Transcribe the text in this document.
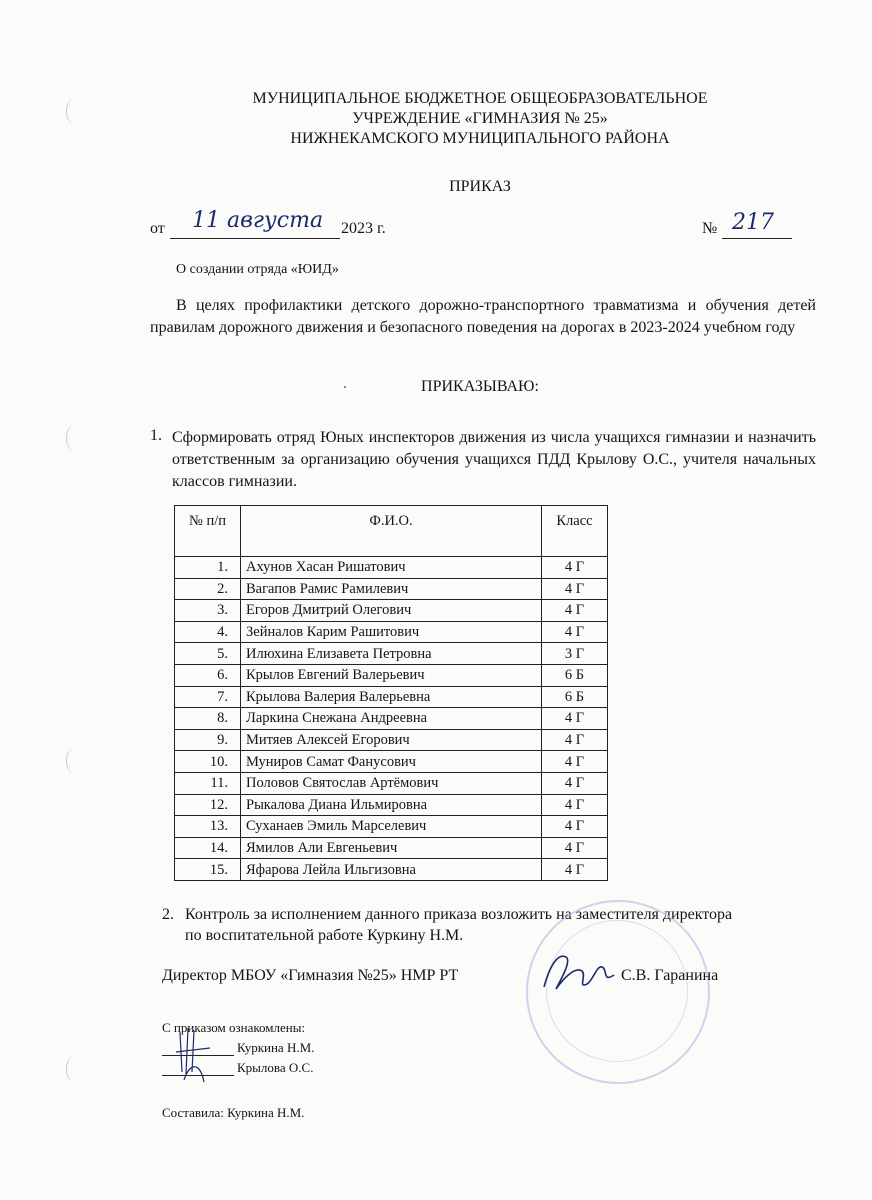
МУНИЦИПАЛЬНОЕ БЮДЖЕТНОЕ ОБЩЕОБРАЗОВАТЕЛЬНОЕ
УЧРЕЖДЕНИЕ «ГИМНАЗИЯ № 25»
НИЖНЕКАМСКОГО МУНИЦИПАЛЬНОГО РАЙОНА
ПРИКАЗ
от 11 августа 2023 г.	№ 217
О создании отряда «ЮИД»
В целях профилактики детского дорожно-транспортного травматизма и обучения детей правилам дорожного движения и безопасного поведения на дорогах в 2023-2024 учебном году
ПРИКАЗЫВАЮ:
1. Сформировать отряд Юных инспекторов движения из числа учащихся гимназии и назначить ответственным за организацию обучения учащихся ПДД Крылову О.С., учителя начальных классов гимназии.
№ п/п	Ф.И.О.	Класс
1.	Ахунов Хасан Ришатович	4 Г
2.	Вагапов Рамис Рамилевич	4 Г
3.	Егоров Дмитрий Олегович	4 Г
4.	Зейналов Карим Рашитович	4 Г
5.	Илюхина Елизавета Петровна	3 Г
6.	Крылов Евгений Валерьевич	6 Б
7.	Крылова Валерия Валерьевна	6 Б
8.	Ларкина Снежана Андреевна	4 Г
9.	Митяев Алексей Егорович	4 Г
10.	Муниров Самат Фанусович	4 Г
11.	Половов Святослав Артёмович	4 Г
12.	Рыкалова Диана Ильмировна	4 Г
13.	Суханаев Эмиль Марселевич	4 Г
14.	Ямилов Али Евгеньевич	4 Г
15.	Яфарова Лейла Ильгизовна	4 Г
2. Контроль за исполнением данного приказа возложить на заместителя директора
по воспитательной работе Куркину Н.М.
Директор МБОУ «Гимназия №25» НМР РТ	С.В. Гаранина
С приказом ознакомлены:
Куркина Н.М.
Крылова О.С.
Составила: Куркина Н.М.
